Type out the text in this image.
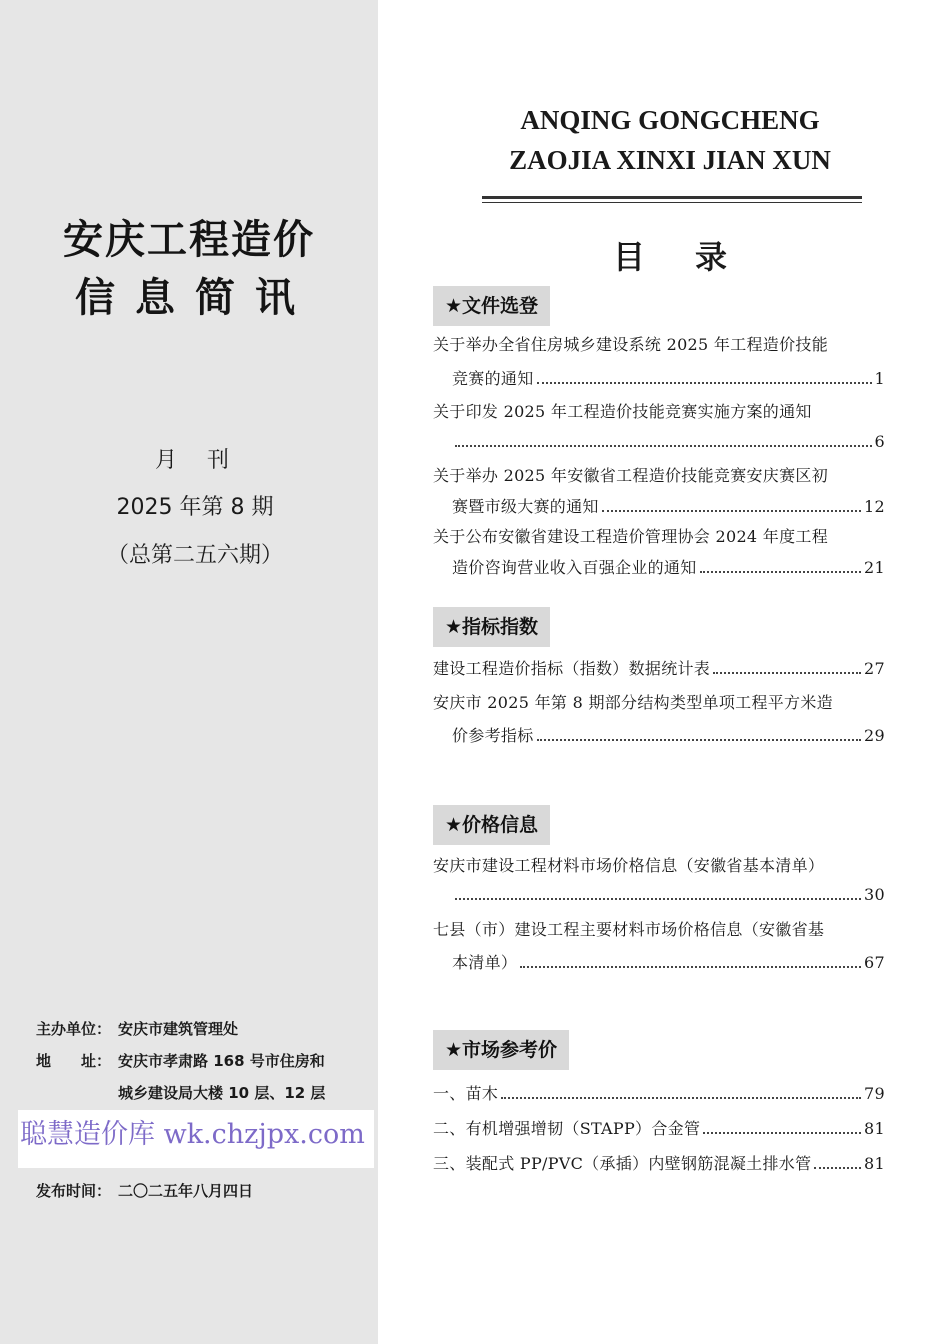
安庆工程造价
信息简讯
月刊
2025 年第 8 期
（总第二五六期）
主办单位： 安庆市建筑管理处
地　　址： 安庆市孝肃路 168 号市住房和
城乡建设局大楼 10 层、12 层
聪慧造价库 wk.chzjpx.com
发布时间： 二〇二五年八月四日
ANQING GONGCHENG
ZAOJIA XINXI JIAN XUN
目录
★文件选登
关于举办全省住房城乡建设系统 2025 年工程造价技能
竞赛的通知	1
关于印发 2025 年工程造价技能竞赛实施方案的通知
6
关于举办 2025 年安徽省工程造价技能竞赛安庆赛区初
赛暨市级大赛的通知	12
关于公布安徽省建设工程造价管理协会 2024 年度工程
造价咨询营业收入百强企业的通知	21
★指标指数
建设工程造价指标（指数）数据统计表	27
安庆市 2025 年第 8 期部分结构类型单项工程平方米造
价参考指标	29
★价格信息
安庆市建设工程材料市场价格信息（安徽省基本清单）
30
七县（市）建设工程主要材料市场价格信息（安徽省基
本清单）	67
★市场参考价
一、苗木	79
二、有机增强增韧（STAPP）合金管	81
三、装配式 PP/PVC（承插）内壁钢筋混凝土排水管	81
